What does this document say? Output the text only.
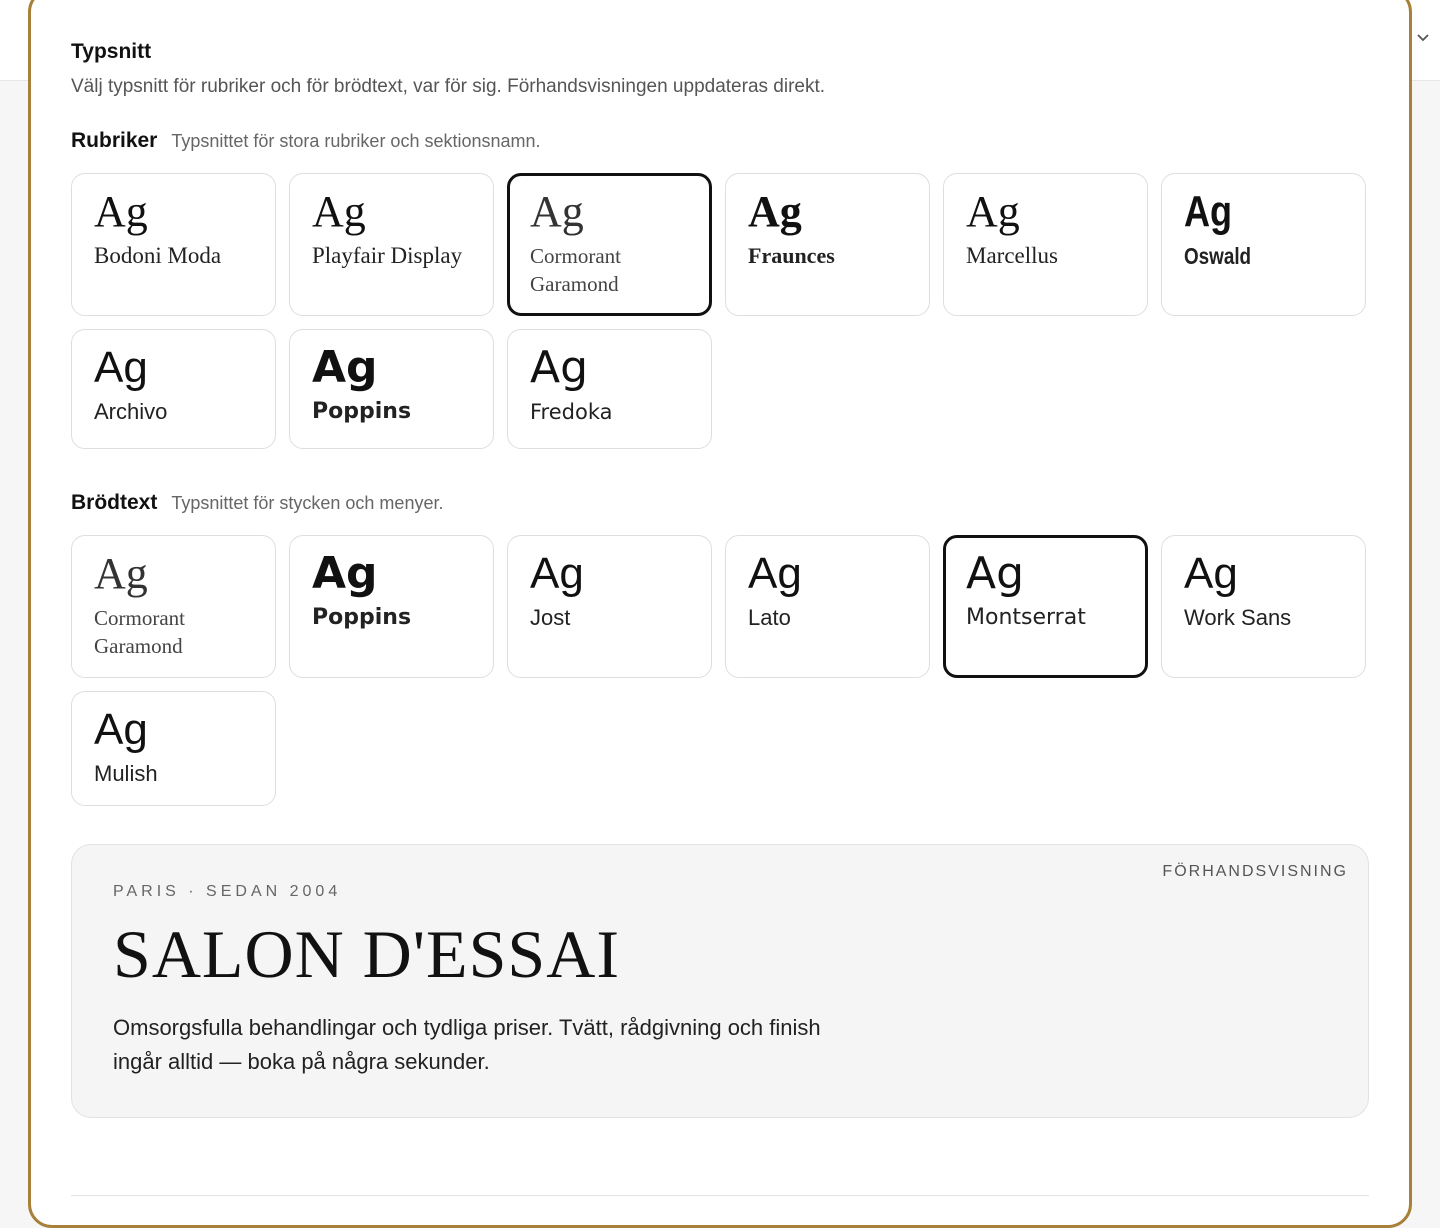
Typsnitt

Välj typsnitt för rubriker och för brödtext, var för sig. Förhandsvisningen uppdateras direkt.

Rubriker Typsnittet för stora rubriker och sektionsnamn.
Ag
Bodoni Moda
Ag
Playfair Display
Ag
Cormorant Garamond
Ag
Fraunces
Ag
Marcellus
Ag
Oswald
Ag
Archivo
Ag
Poppins
Ag
Fredoka
Brödtext Typsnittet för stycken och menyer.
Ag
Cormorant Garamond
Ag
Poppins
Ag
Jost
Ag
Lato
Ag
Montserrat
Ag
Work Sans
Ag
Mulish
FÖRHANDSVISNING
PARIS · SEDAN 2004
SALON D'ESSAI
Omsorgsfulla behandlingar och tydliga priser. Tvätt, rådgivning och finish ingår alltid — boka på några sekunder.
